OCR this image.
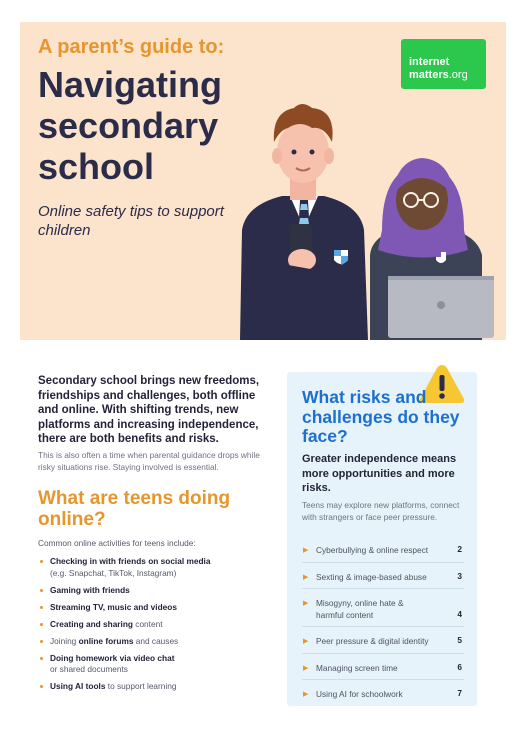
A parent’s guide to:
Navigating
secondary
school
Online safety tips to support children
internet
matters.org
Secondary school brings new freedoms, friendships and challenges, both offline and online. With shifting trends, new platforms and increasing independence, there are both benefits and risks.
This is also often a time when parental guidance drops while risky situations rise. Staying involved is essential.
What are teens doing online?
Common online activities for teens include:
Checking in with friends on social media
(e.g. Snapchat, TikTok, Instagram)
Gaming with friends
Streaming TV, music and videos
Creating and sharing content
Joining online forums and causes
Doing homework via video chat
or shared documents
Using AI tools to support learning
What risks and challenges do they face?
Greater independence means more opportunities and more risks.
Teens may explore new platforms, connect with strangers or face peer pressure.
▶ Cyberbullying & online respect	2
▶ Sexting & image-based abuse	3
▶ Misogyny, online hate & harmful content	4
▶ Peer pressure & digital identity	5
▶ Managing screen time	6
▶ Using AI for schoolwork	7
